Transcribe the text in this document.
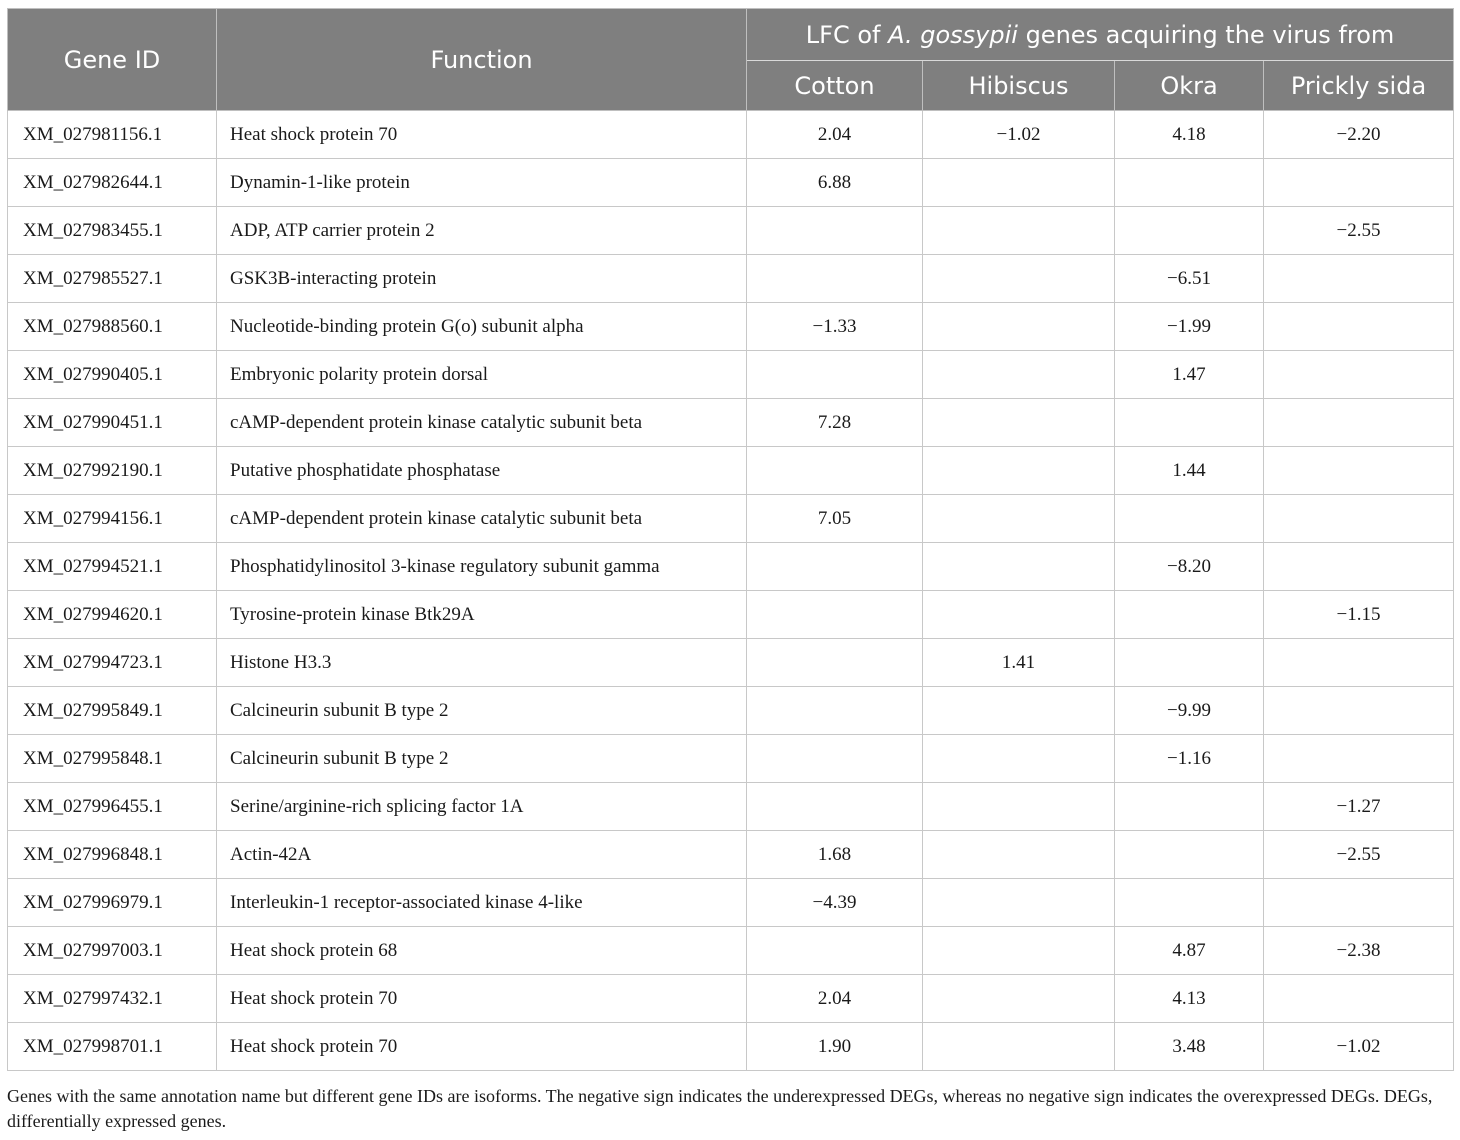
Gene ID	Function	LFC of A. gossypii genes acquiring the virus from			
		Cotton	Hibiscus	Okra	Prickly sida
XM_027981156.1	Heat shock protein 70	2.04	−1.02	4.18	−2.20
XM_027982644.1	Dynamin-1-like protein	6.88			
XM_027983455.1	ADP, ATP carrier protein 2				−2.55
XM_027985527.1	GSK3B-interacting protein			−6.51	
XM_027988560.1	Nucleotide-binding protein G(o) subunit alpha	−1.33		−1.99	
XM_027990405.1	Embryonic polarity protein dorsal			1.47	
XM_027990451.1	cAMP-dependent protein kinase catalytic subunit beta	7.28			
XM_027992190.1	Putative phosphatidate phosphatase			1.44	
XM_027994156.1	cAMP-dependent protein kinase catalytic subunit beta	7.05			
XM_027994521.1	Phosphatidylinositol 3-kinase regulatory subunit gamma			−8.20	
XM_027994620.1	Tyrosine-protein kinase Btk29A				−1.15
XM_027994723.1	Histone H3.3		1.41		
XM_027995849.1	Calcineurin subunit B type 2			−9.99	
XM_027995848.1	Calcineurin subunit B type 2			−1.16	
XM_027996455.1	Serine/arginine-rich splicing factor 1A				−1.27
XM_027996848.1	Actin-42A	1.68			−2.55
XM_027996979.1	Interleukin-1 receptor-associated kinase 4-like	−4.39			
XM_027997003.1	Heat shock protein 68			4.87	−2.38
XM_027997432.1	Heat shock protein 70	2.04		4.13	
XM_027998701.1	Heat shock protein 70	1.90		3.48	−1.02
Genes with the same annotation name but different gene IDs are isoforms. The negative sign indicates the underexpressed DEGs, whereas no negative sign indicates the overexpressed DEGs. DEGs, differentially expressed genes.
